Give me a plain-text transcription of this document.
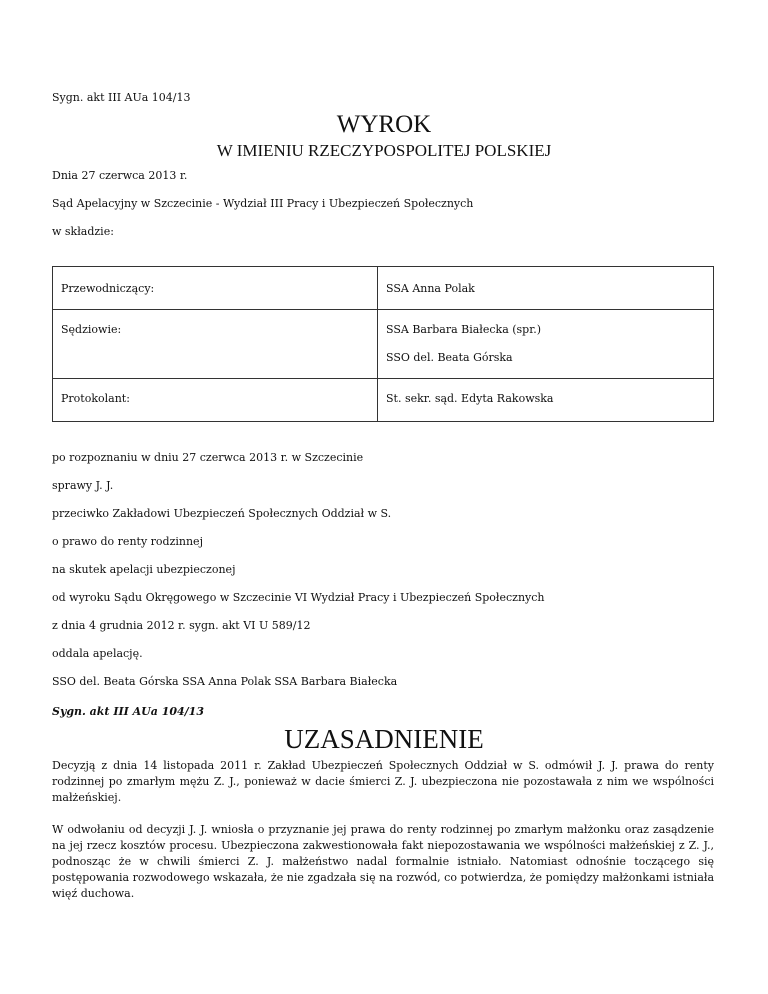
Sygn. akt III AUa 104/13
WYROK
W IMIENIU RZECZYPOSPOLITEJ POLSKIEJ
Dnia 27 czerwca 2013 r.
Sąd Apelacyjny w Szczecinie - Wydział III Pracy i Ubezpieczeń Społecznych
w składzie:
Przewodniczący:	SSA Anna Polak

Sędziowie:	SSA Barbara Białecka (spr.)
SSO del. Beata Górska

Protokolant:	St. sekr. sąd. Edyta Rakowska
po rozpoznaniu w dniu 27 czerwca 2013 r. w Szczecinie
sprawy J. J.
przeciwko Zakładowi Ubezpieczeń Społecznych Oddział w S.
o prawo do renty rodzinnej
na skutek apelacji ubezpieczonej
od wyroku Sądu Okręgowego w Szczecinie VI Wydział Pracy i Ubezpieczeń Społecznych
z dnia 4 grudnia 2012 r. sygn. akt VI U 589/12
oddala apelację.
SSO del. Beata Górska SSA Anna Polak SSA Barbara Białecka
Sygn. akt III AUa 104/13
UZASADNIENIE
Decyzją z dnia 14 listopada 2011 r. Zakład Ubezpieczeń Społecznych Oddział w S. odmówił J. J. prawa do renty rodzinnej po zmarłym mężu Z. J., ponieważ w dacie śmierci Z. J. ubezpieczona nie pozostawała z nim we wspólności małżeńskiej.
W odwołaniu od decyzji J. J. wniosła o przyznanie jej prawa do renty rodzinnej po zmarłym małżonku oraz zasądzenie na jej rzecz kosztów procesu. Ubezpieczona zakwestionowała fakt niepozostawania we wspólności małżeńskiej z Z. J., podnosząc że w chwili śmierci Z. J. małżeństwo nadal formalnie istniało. Natomiast odnośnie toczącego się postępowania rozwodowego wskazała, że nie zgadzała się na rozwód, co potwierdza, że pomiędzy małżonkami istniała więź duchowa.
